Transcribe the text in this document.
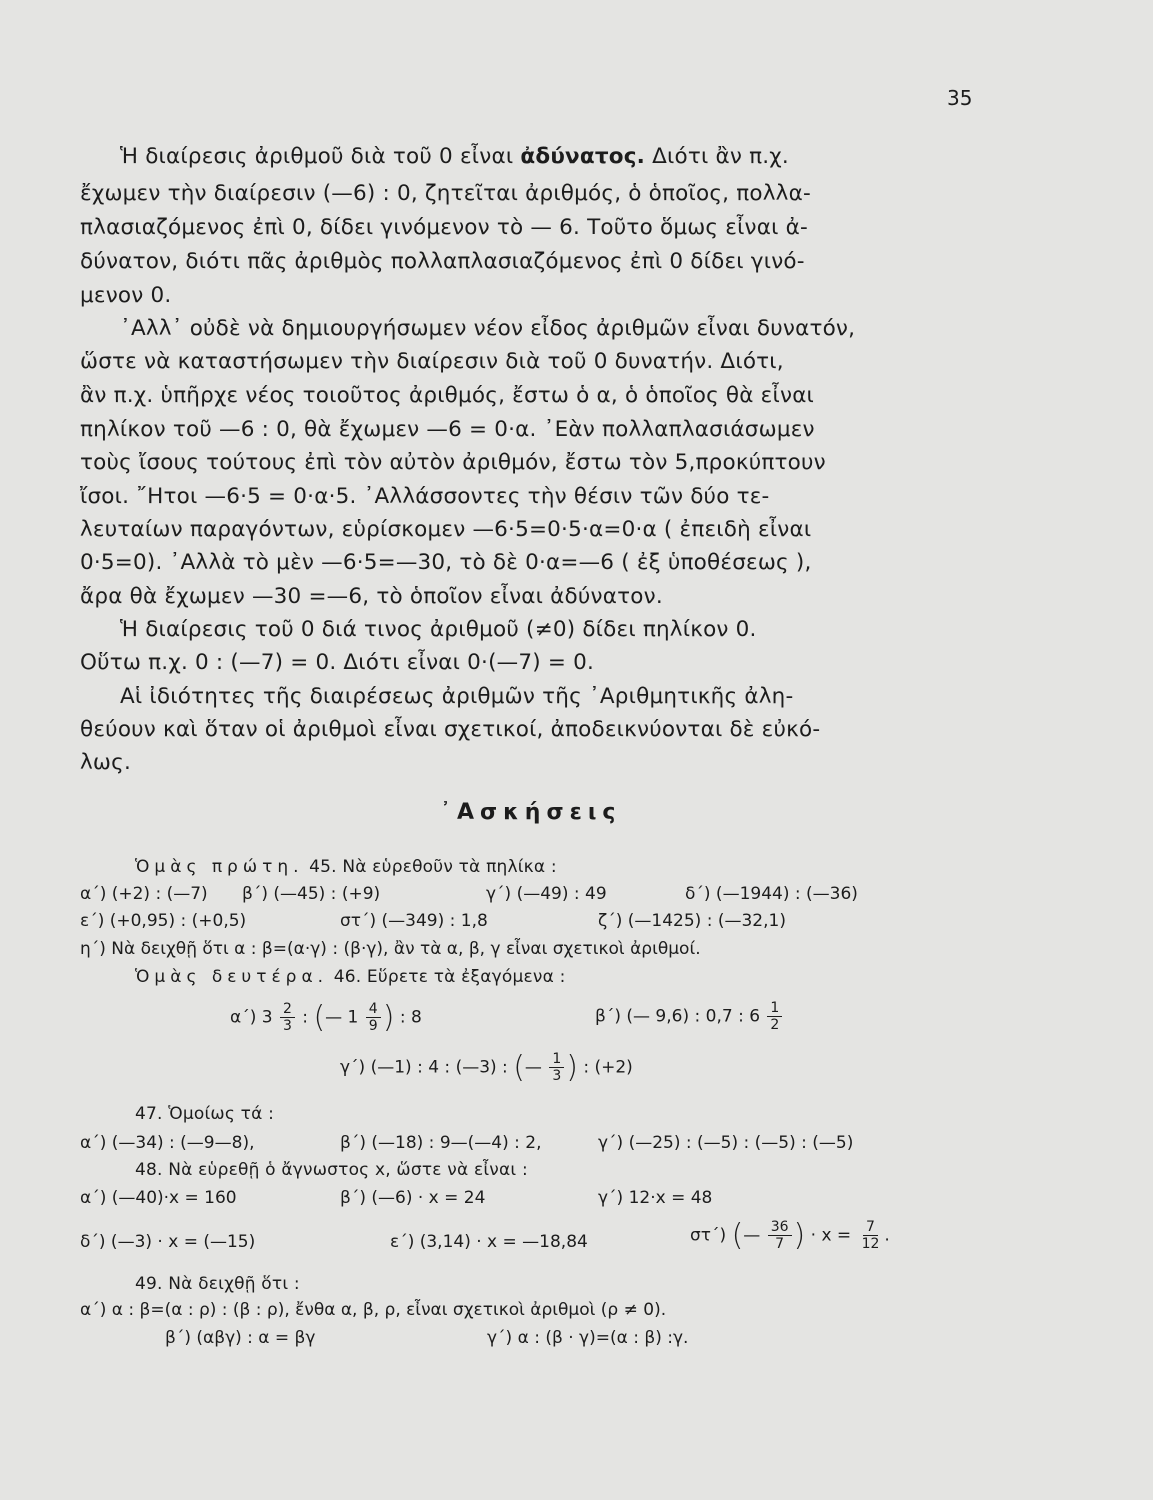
35
Ἡ διαίρεσις ἀριθμοῦ διὰ τοῦ 0 εἶναι ἀδύνατος. Διότι ἂν π.χ.
ἔχωμεν τὴν διαίρεσιν (—6) : 0, ζητεῖται ἀριθμός, ὁ ὁποῖος, πολλα-
πλασιαζόμενος ἐπὶ 0, δίδει γινόμενον τὸ — 6. Τοῦτο ὅμως εἶναι ἀ-
δύνατον, διότι πᾶς ἀριθμὸς πολλαπλασιαζόμενος ἐπὶ 0 δίδει γινό-
μενον 0.
᾿Αλλ᾿ οὐδὲ νὰ δημιουργήσωμεν νέον εἶδος ἀριθμῶν εἶναι δυνατόν,
ὥστε νὰ καταστήσωμεν τὴν διαίρεσιν διὰ τοῦ 0 δυνατήν. Διότι,
ἂν π.χ. ὑπῆρχε νέος τοιοῦτος ἀριθμός, ἔστω ὁ α, ὁ ὁποῖος θὰ εἶναι
πηλίκον τοῦ —6 : 0, θὰ ἔχωμεν —6 = 0·α. ᾿Εὰν πολλαπλασιάσωμεν
τοὺς ἴσους τούτους ἐπὶ τὸν αὐτὸν ἀριθμόν, ἔστω τὸν 5,προκύπτουν
ἴσοι. ῎Ητοι —6·5 = 0·α·5. ᾿Αλλάσσοντες τὴν θέσιν τῶν δύο τε-
λευταίων παραγόντων, εὑρίσκομεν —6·5=0·5·α=0·α ( ἐπειδὴ εἶναι
0·5=0). ᾿Αλλὰ τὸ μὲν —6·5=—30, τὸ δὲ 0·α=—6 ( ἐξ ὑποθέσεως ),
ἄρα θὰ ἔχωμεν —30 =—6, τὸ ὁποῖον εἶναι ἀδύνατον.
Ἡ διαίρεσις τοῦ 0 διά τινος ἀριθμοῦ (≠0) δίδει πηλίκον 0.
Οὕτω π.χ. 0 : (—7) = 0. Διότι εἶναι 0·(—7) = 0.
Αἱ ἰδιότητες τῆς διαιρέσεως ἀριθμῶν τῆς ᾿Αριθμητικῆς ἀλη-
θεύουν καὶ ὅταν οἱ ἀριθμοὶ εἶναι σχετικοί, ἀποδεικνύονται δὲ εὐκό-
λως.
᾿Ασκήσεις
Ὁμὰς πρώτη. 45. Νὰ εὑρεθοῦν τὰ πηλίκα :
α΄) (+2) : (—7) β΄) (—45) : (+9)	γ΄) (—49) : 49	δ΄) (—1944) : (—36)
ε΄) (+0,95) : (+0,5)	στ΄) (—349) : 1,8	ζ΄) (—1425) : (—32,1)
η΄) Νὰ δειχθῇ ὅτι α : β=(α·γ) : (β·γ), ἂν τὰ α, β, γ εἶναι σχετικοὶ ἀριθμοί.
Ὁμὰς δευτέρα. 46. Εὕρετε τὰ ἐξαγόμενα :
α΄) $3 \frac{2}{3}$ : (— $1 \frac{4}{9}$ ) : 8	β΄) (— 9,6) : 0,7 : $6 \frac{1}{2}$
γ΄) (—1) : 4 : (—3) : (— $\frac{1}{3}$ ) : (+2)
47. Ὁμοίως τά :
α΄) (—34) : (—9—8),	β΄) (—18) : 9—(—4) : 2,	γ΄) (—25) : (—5) : (—5) : (—5)
48. Νὰ εὑρεθῇ ὁ ἄγνωστος x, ὥστε νὰ εἶναι :
α΄) (—40)·x = 160	β΄) (—6) · x = 24	γ΄) 12·x = 48
δ΄) (—3) · x = (—15)	ε΄) (3,14) · x = —18,84	στ΄) (— $\frac{36}{7}$ ) · $x = \frac{7}{12}$ .
49. Νὰ δειχθῇ ὅτι :
α΄) α : β=(α : ρ) : (β : ρ), ἔνθα α, β, ρ, εἶναι σχετικοὶ ἀριθμοὶ (ρ ≠ 0).
β΄) (αβγ) : α = βγ	γ΄) α : (β · γ)=(α : β) :γ.
